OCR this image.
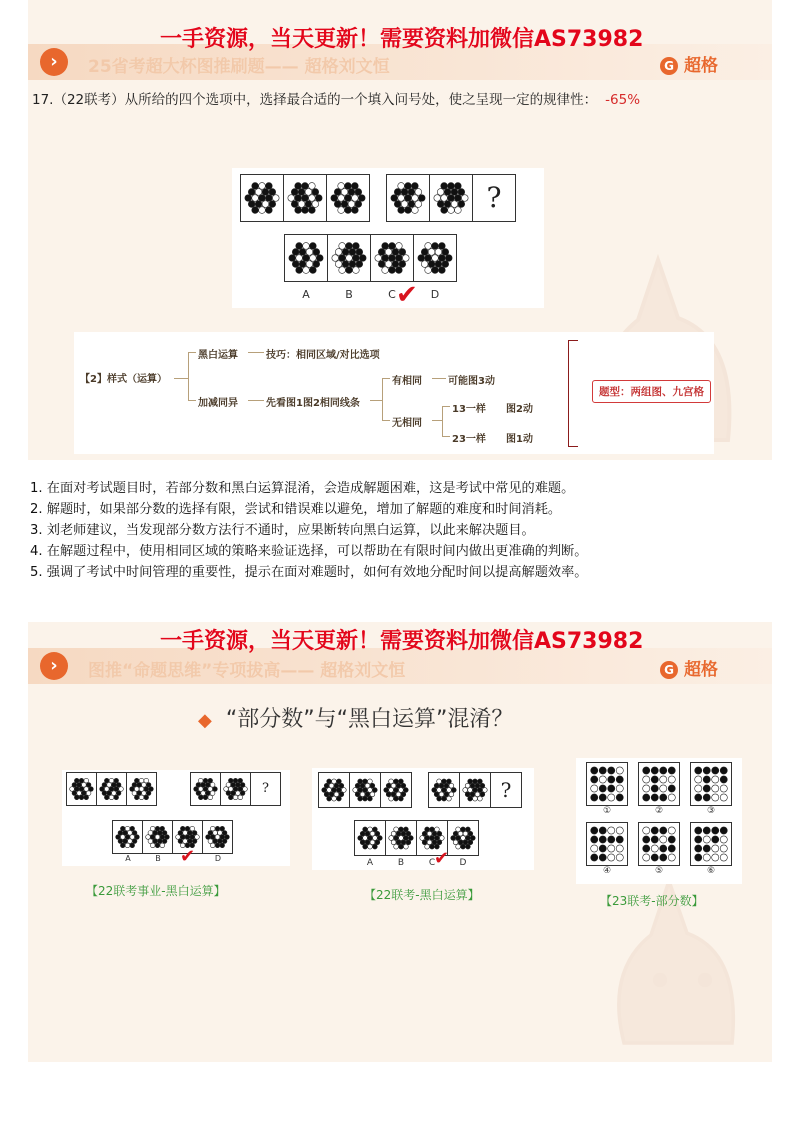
›	25省考超大杯图推刷题—— 超格刘文恒	G 超格
17.（22联考）从所给的四个选项中，选择最合适的一个填入问号处，使之呈现一定的规律性： -65%
?
A	B	C	D
✔
【2】样式（运算）
黑白运算	技巧：相同区域/对比选项
加减同异	先看图1图2相同线条
有相同	可能图3动
无相同
13一样 图2动
23一样 图1动
题型：两组图、九宫格
一手资源，当天更新！需要资料加微信AS73982
1. 在面对考试题目时，若部分数和黑白运算混淆，会造成解题困难，这是考试中常见的难题。
2. 解题时，如果部分数的选择有限，尝试和错误难以避免，增加了解题的难度和时间消耗。
3. 刘老师建议，当发现部分数方法行不通时，应果断转向黑白运算，以此来解决题目。
4. 在解题过程中，使用相同区域的策略来验证选择，可以帮助在有限时间内做出更准确的判断。
5. 强调了考试中时间管理的重要性，提示在面对难题时，如何有效地分配时间以提高解题效率。
›	图推“命题思维”专项拔高—— 超格刘文恒	G 超格
◆ “部分数”与“黑白运算”混淆？
?
A	B	D
✔
【22联考事业-黑白运算】
?
A	B	C	D
✔
【22联考-黑白运算】
①	②	③
④	⑤	⑥
【23联考-部分数】
一手资源，当天更新！需要资料加微信AS73982
